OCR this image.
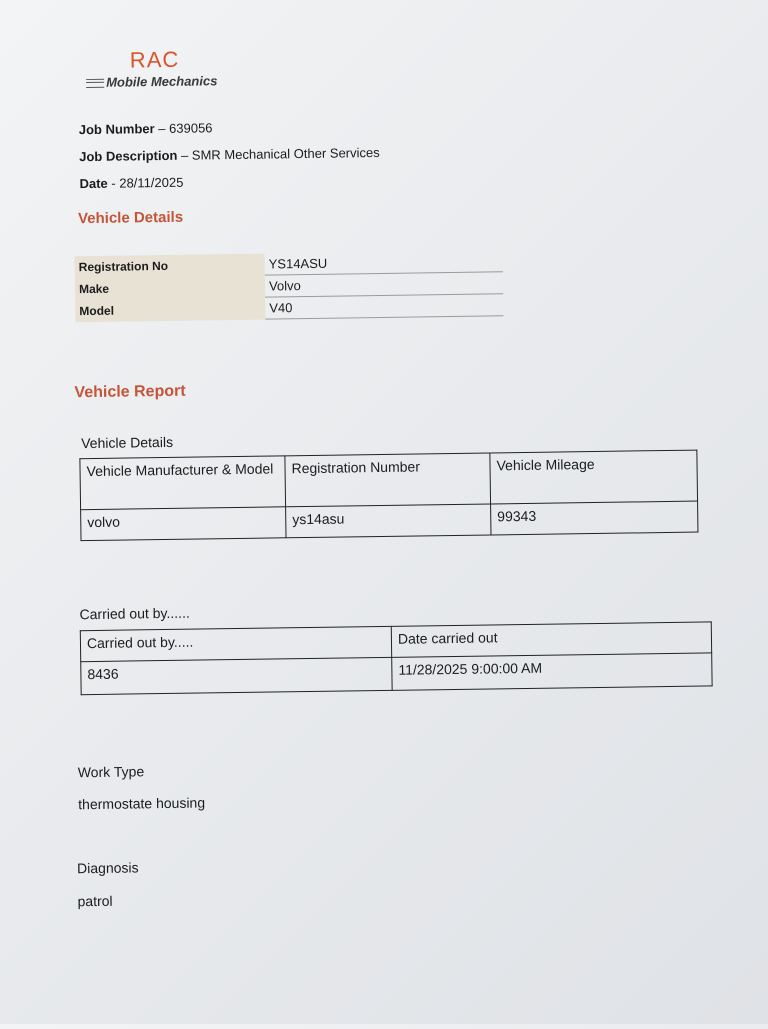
RAC
Mobile Mechanics
Job Number – 639056
Job Description – SMR Mechanical Other Services
Date - 28/11/2025
Vehicle Details
Registration No	YS14ASU
Make	Volvo
Model	V40
Vehicle Report
Vehicle Details
Vehicle Manufacturer & Model	Registration Number	Vehicle Mileage
volvo	ys14asu	99343
Carried out by......
Carried out by.....	Date carried out
8436	11/28/2025 9:00:00 AM
Work Type
thermostate housing
Diagnosis
patrol
